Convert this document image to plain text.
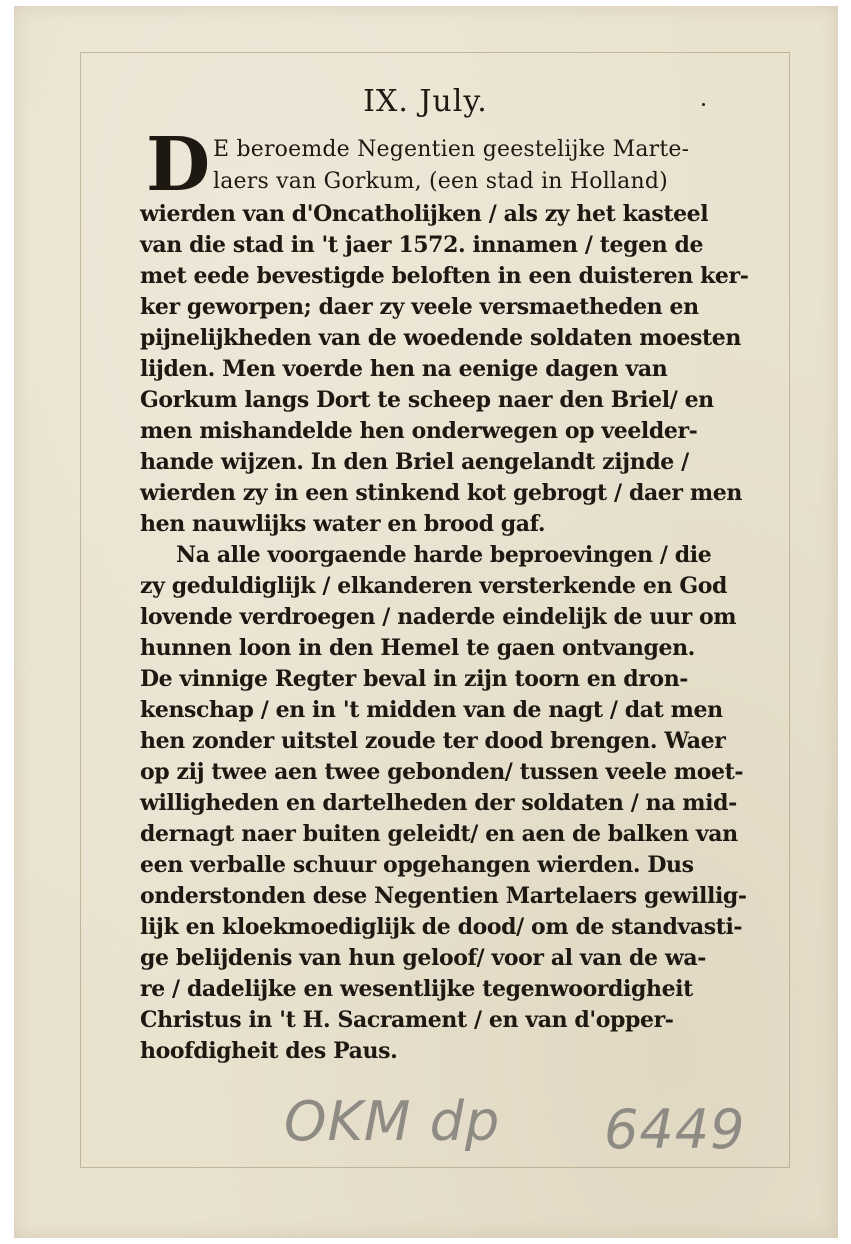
IX. July.
D E beroemde Negentien geestelijke Marte-
laers van Gorkum, (een stad in Holland)
wierden van d'Oncatholijken / als zy het kasteel
van die stad in 't jaer 1572. innamen / tegen de
met eede bevestigde beloften in een duisteren ker-
ker geworpen; daer zy veele versmaetheden en
pijnelijkheden van de woedende soldaten moesten
lijden. Men voerde hen na eenige dagen van
Gorkum langs Dort te scheep naer den Briel/ en
men mishandelde hen onderwegen op veelder-
hande wijzen. In den Briel aengelandt zijnde /
wierden zy in een stinkend kot gebrogt / daer men
hen nauwlijks water en brood gaf.
Na alle voorgaende harde beproevingen / die
zy geduldiglijk / elkanderen versterkende en God
lovende verdroegen / naderde eindelijk de uur om
hunnen loon in den Hemel te gaen ontvangen.
De vinnige Regter beval in zijn toorn en dron-
kenschap / en in 't midden van de nagt / dat men
hen zonder uitstel zoude ter dood brengen. Waer
op zij twee aen twee gebonden/ tussen veele moet-
willigheden en dartelheden der soldaten / na mid-
dernagt naer buiten geleidt/ en aen de balken van
een verballe schuur opgehangen wierden. Dus
onderstonden dese Negentien Martelaers gewillig-
lijk en kloekmoediglijk de dood/ om de standvasti-
ge belijdenis van hun geloof/ voor al van de wa-
re / dadelijke en wesentlijke tegenwoordigheit
Christus in 't H. Sacrament / en van d'opper-
hoofdigheit des Paus.
OKM dp 6449
